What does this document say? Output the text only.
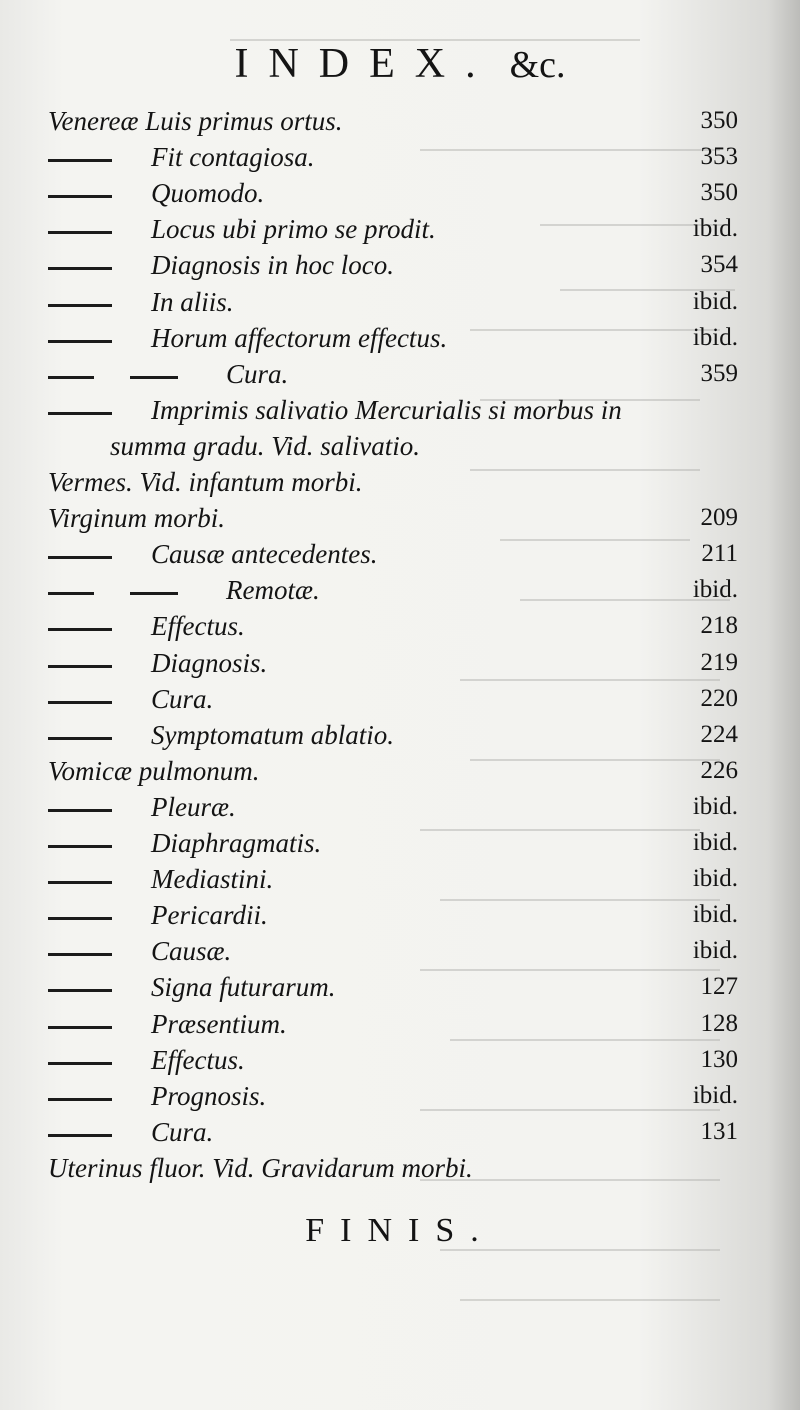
INDEX. &c.
Venereæ Luis primus ortus.	350
Fit contagiosa.	353
Quomodo.	350
Locus ubi primo se prodit.	ibid.
Diagnosis in hoc loco.	354
In aliis.	ibid.
Horum affectorum effectus.	ibid.
Cura.	359
Imprimis salivatio Mercurialis si morbus in
summa gradu. Vid. salivatio.
Vermes. Vid. infantum morbi.
Virginum morbi.	209
Causæ antecedentes.	211
Remotæ.	ibid.
Effectus.	218
Diagnosis.	219
Cura.	220
Symptomatum ablatio.	224
Vomicæ pulmonum.	226
Pleuræ.	ibid.
Diaphragmatis.	ibid.
Mediastini.	ibid.
Pericardii.	ibid.
Causæ.	ibid.
Signa futurarum.	127
Præsentium.	128
Effectus.	130
Prognosis.	ibid.
Cura.	131
Uterinus fluor. Vid. Gravidarum morbi.
FINIS.
